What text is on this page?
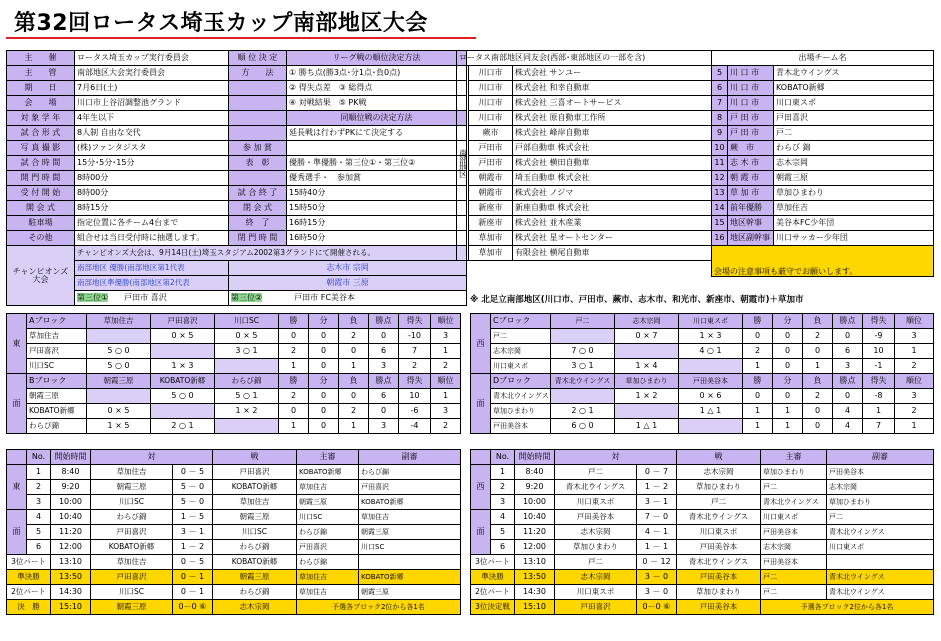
第32回ロータス埼玉カップ南部地区大会
主　　催	ロータス埼玉カップ実行委員会	順 位 決 定	リーグ戦の順位決定方法
主　　管	南部地区大会実行委員会	方　　法	① 勝ち点(勝3点･分1点･負0点)
期　　日	7月6日(土)		② 得失点差　③ 総得点
会　　場	川口市上谷沼調整池グランド		④ 対戦結果　⑤ PK戦
対 象 学 年	4年生以下		同順位戦の決定方法
試 合 形 式	8人制 自由な交代		延長戦は行わずPKにて決定する
写 真 撮 影	(株)ファンタジスタ	参 加 賞	
試 合 時 間	15分･5分･15分	表　彰	優勝・準優勝・第三位①・第三位②
開 門 時 間	8時00分		優秀選手・　参加賞
受 付 開 始	8時00分	試 合 終 了	15時40分
開 会 式	8時15分	閉 会 式	15時50分
駐車場	指定位置に各チーム4台まで	終　了	16時15分
その他	組合せは当日受付時に抽選します。	閉 門 時 間	16時50分
チャンピオンズ大会	チャンピオンズ大会は、9月14日(土)埼玉スタジアム2002第3グランドにて開催される。		
	南部地区 優勝(南部地区第1代表	志木市 宗岡	
	南部地区準優勝(南部地区第2代表	朝霞市 三原	
	第三位①　　 戸田市 喜沢	第三位②　　　　 戸田市 FC美谷本	
ロータス南部地区同友会(西部･東部地区の一部を含)		
南部地区	川口市	株式会社 サンユー
	川口市	株式会社 和幸自動車
	川口市	株式会社 三喜オートサービス
	川口市	株式会社 原自動車工作所
	蕨市	株式会社 峰岸自動車
	戸田市	戸部自動車 株式会社
	戸田市	株式会社 横田自動車
	朝霞市	埼玉自動車 株式会社
	朝霞市	株式会社 ノジマ
	新座市	新座自動車 株式会社
	新座市	株式会社 並木産業
	草加市	株式会社 星オートセンター
	草加市	有限会社 横尾自動車

出場チーム名		
5	川 口 市	青木北ウイングス
6	川 口 市	KOBATO新郷
7	川 口 市	川口東スポ
8	戸 田 市	戸田喜沢
9	戸 田 市	戸二
10	蕨　市	わらび 錦
11	志 木 市	志木宗岡
12	朝 霞 市	朝霞三原
13	草 加 市	草加ひまわり
14	前年優勝	草加住吉
15	地区幹事	美谷本FC少年団
16	地区副幹事	川口サッカー少年団
会場の注意事項も厳守でお願いします。		
※ 北足立南部地区(川口市、戸田市、蕨市、志木市、和光市、新座市、朝霞市)＋草加市
東	Aブロック	草加住吉	戸田喜沢	川口SC	勝	分	負	勝点	得失	順位
	草加住吉		0 × 5	0 × 5	0	0	2	0	-10	3
	戸田喜沢	5 ○ 0		3 ○ 1	2	0	0	6	7	1
	川口SC	5 ○ 0	1 × 3		1	0	1	3	2	2
面	Bブロック	朝霞三原	KOBATO新郷	わらび錦	勝	分	負	勝点	得失	順位
	朝霞三原		5 ○ 0	5 ○ 1	2	0	0	6	10	1
	KOBATO新郷	0 × 5		1 × 2	0	0	2	0	-6	3
	わらび錦	1 × 5	2 ○ 1		1	0	1	3	-4	2
西	Cブロック	戸二	志木宗岡	川口東スポ	勝	分	負	勝点	得失	順位
	戸二		0 × 7	1 × 3	0	0	2	0	-9	3
	志木宗岡	7 ○ 0		4 ○ 1	2	0	0	6	10	1
	川口東スポ	3 ○ 1	1 × 4		1	0	1	3	-1	2
面	Dブロック	青木北ウイングス	草加ひまわり	戸田美谷本	勝	分	負	勝点	得失	順位
	青木北ウイングス		1 × 2	0 × 6	0	0	2	0	-8	3
	草加ひまわり	2 ○ 1		1 △ 1	1	1	0	4	1	2
	戸田美谷本	6 ○ 0	1 △ 1		1	1	0	4	7	1
	No.	開始時間	対		戦	主審	副審
東	1	8:40	草加住吉	0 － 5	戸田喜沢	KOBATO新郷	わらび錦
	2	9:20	朝霞三原	5 － 0	KOBATO新郷	草加住吉	戸田喜沢
	3	10:00	川口SC	5 － 0	草加住吉	朝霞三原	KOBATO新郷
面	4	10:40	わらび錦	1 － 5	朝霞三原	川口SC	草加住吉
	5	11:20	戸田喜沢	3 － 1	川口SC	わらび錦	朝霞三原
	6	12:00	KOBATO新郷	1 － 2	わらび錦	戸田喜沢	川口SC
3位パート		13:10	草加住吉	0 － 5	KOBATO新郷	わらび錦	
準決勝		13:50	戸田喜沢	0 － 1	朝霞三原	草加住吉	KOBATO新郷
2位パート		14:30	川口SC	0 － 1	わらび錦	草加住吉	朝霞三原
決　勝		15:10	朝霞三原	0－0 ⑥	志木宗岡	予選各ブロック2位から各1名	
	No.	開始時間	対		戦	主審	副審
西	1	8:40	戸二	0 － 7	志木宗岡	草加ひまわり	戸田美谷本
	2	9:20	青木北ウイングス	1 － 2	草加ひまわり	戸二	志木宗岡
	3	10:00	川口東スポ	3 － 1	戸二	青木北ウイングス	草加ひまわり
面	4	10:40	戸田美谷本	7 － 0	青木北ウイングス	川口東スポ	戸二
	5	11:20	志木宗岡	4 － 1	川口東スポ	戸田美谷本	青木北ウイングス
	6	12:00	草加ひまわり	1 － 1	戸田美谷本	志木宗岡	川口東スポ
3位パート		13:10	戸二	0 － 12	青木北ウイングス	戸田美谷本	
準決勝		13:50	志木宗岡	3 － 0	戸田美谷本	戸二	青木北ウイングス
2位パート		14:30	川口東スポ	3 － 0	草加ひまわり	戸二	青木北ウイングス
3位決定戦		15:10	戸田喜沢	0－0 ⑥	戸田美谷本	予選各ブロック2位から各1名	
